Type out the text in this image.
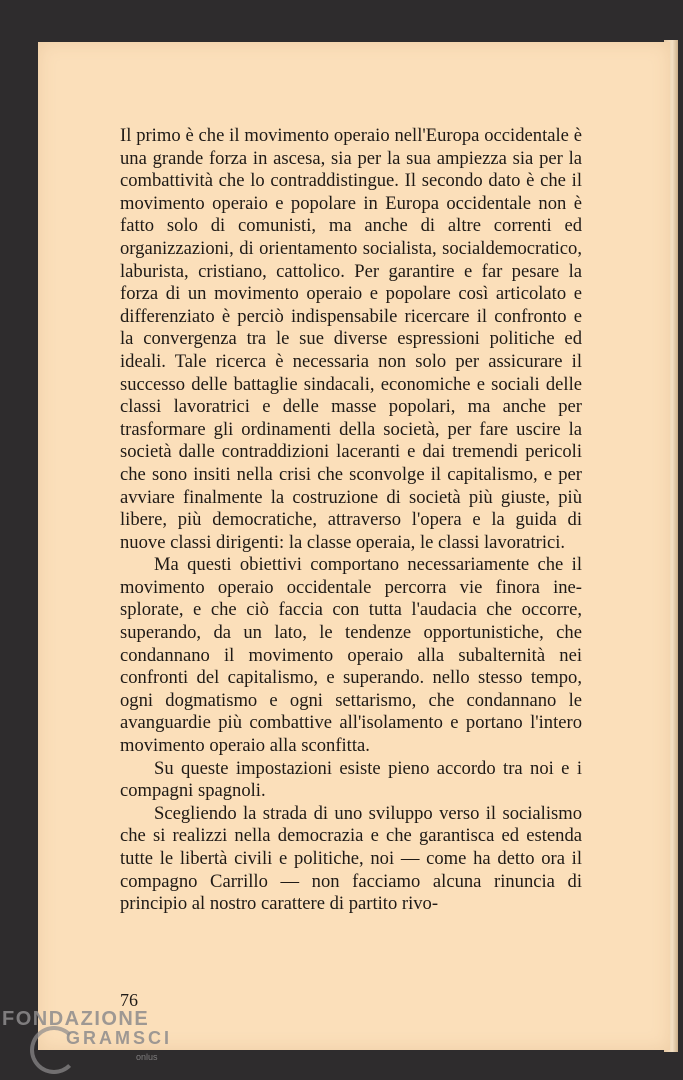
Il primo è che il movimento operaio nell'Europa occidentale è una grande forza in ascesa, sia per la sua ampiezza sia per la combattività che lo contraddistingue. Il secondo dato è che il movimento operaio e popolare in Europa occidentale non è fatto solo di comunisti, ma anche di altre correnti ed organizzazioni, di orientamento socialista, socialdemocratico, laburista, cristiano, cattolico. Per garantire e far pesare la forza di un movimento operaio e popolare così articolato e differenziato è perciò indispensabile ricercare il confronto e la convergenza tra le sue diverse espressioni politiche ed ideali. Tale ricerca è necessaria non solo per assicurare il successo delle battaglie sindacali, economiche e sociali delle classi lavoratrici e delle masse popolari, ma anche per trasformare gli ordinamenti della società, per fare uscire la società dalle contraddizioni laceranti e dai tremendi pericoli che sono insiti nella crisi che sconvolge il capitalismo, e per avviare finalmente la costruzione di società più giuste, più libere, più democratiche, attraverso l'opera e la guida di nuove classi dirigenti: la classe operaia, le classi lavoratrici.

Ma questi obiettivi comportano necessariamente che il movimento operaio occidentale percorra vie finora inesplorate, e che ciò faccia con tutta l'audacia che occorre, superando, da un lato, le tendenze opportunistiche, che condannano il movimento operaio alla subalternità nei confronti del capitalismo, e superando. nello stesso tempo, ogni dogmatismo e ogni settarismo, che condannano le avanguardie più combattive all'isolamento e portano l'intero movimento operaio alla sconfitta.

Su queste impostazioni esiste pieno accordo tra noi e i compagni spagnoli.

Scegliendo la strada di uno sviluppo verso il socialismo che si realizzi nella democrazia e che garantisca ed estenda tutte le libertà civili e politiche, noi — come ha detto ora il compagno Carrillo — non facciamo alcuna rinuncia di principio al nostro carattere di partito rivo-

76
FONDAZIONE
GRAMSCI
onlus
